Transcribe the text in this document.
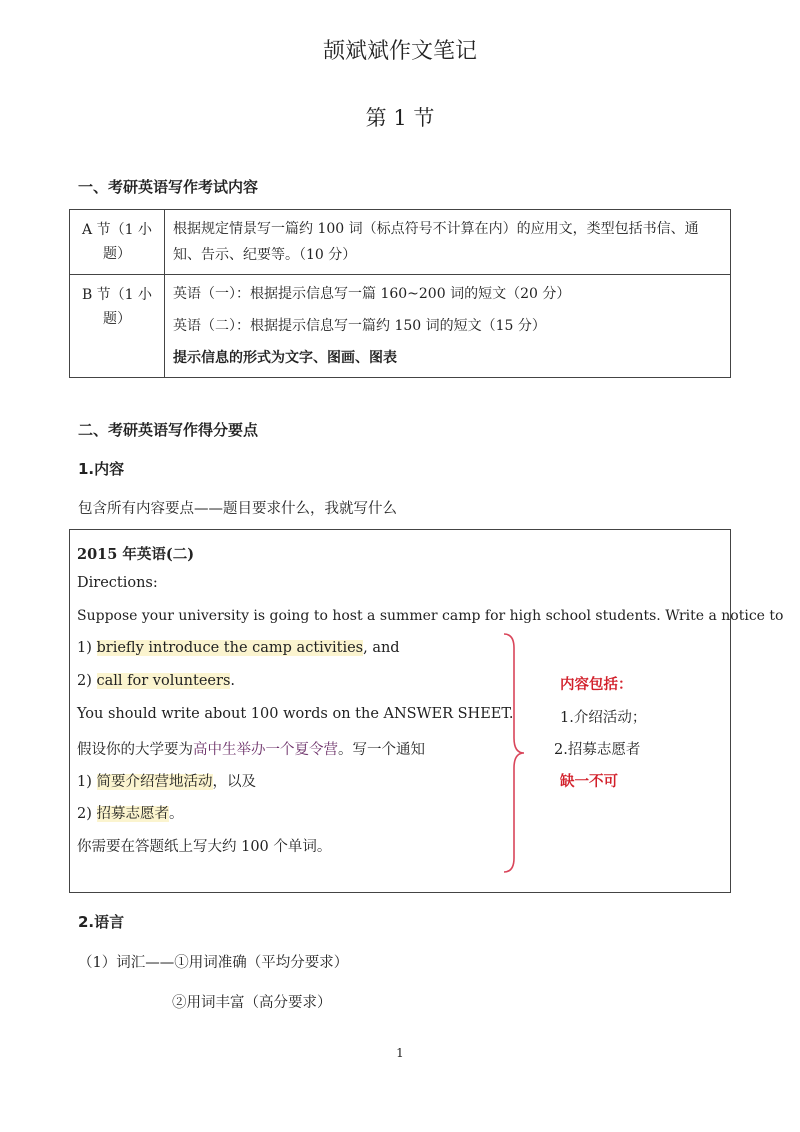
颉斌斌作文笔记
第 1 节
一、考研英语写作考试内容
A 节（1 小题）	根据规定情景写一篇约 100 词（标点符号不计算在内）的应用文，类型包括书信、通知、告示、纪要等。（10 分）
B 节（1 小题）	英语（一）：根据提示信息写一篇 160~200 词的短文（20 分）
英语（二）：根据提示信息写一篇约 150 词的短文（15 分）
提示信息的形式为文字、图画、图表
二、考研英语写作得分要点
1.内容
包含所有内容要点——题目要求什么，我就写什么
2015 年英语(二)
Directions:
Suppose your university is going to host a summer camp for high school students. Write a notice to
1) briefly introduce the camp activities, and
2) call for volunteers.
You should write about 100 words on the ANSWER SHEET.
假设你的大学要为高中生举办一个夏令营。写一个通知
1) 简要介绍营地活动，以及
2) 招募志愿者。
你需要在答题纸上写大约 100 个单词。
内容包括：
1.介绍活动；
2.招募志愿者
缺一不可
2.语言
（1）词汇——①用词准确（平均分要求）
②用词丰富（高分要求）
1
